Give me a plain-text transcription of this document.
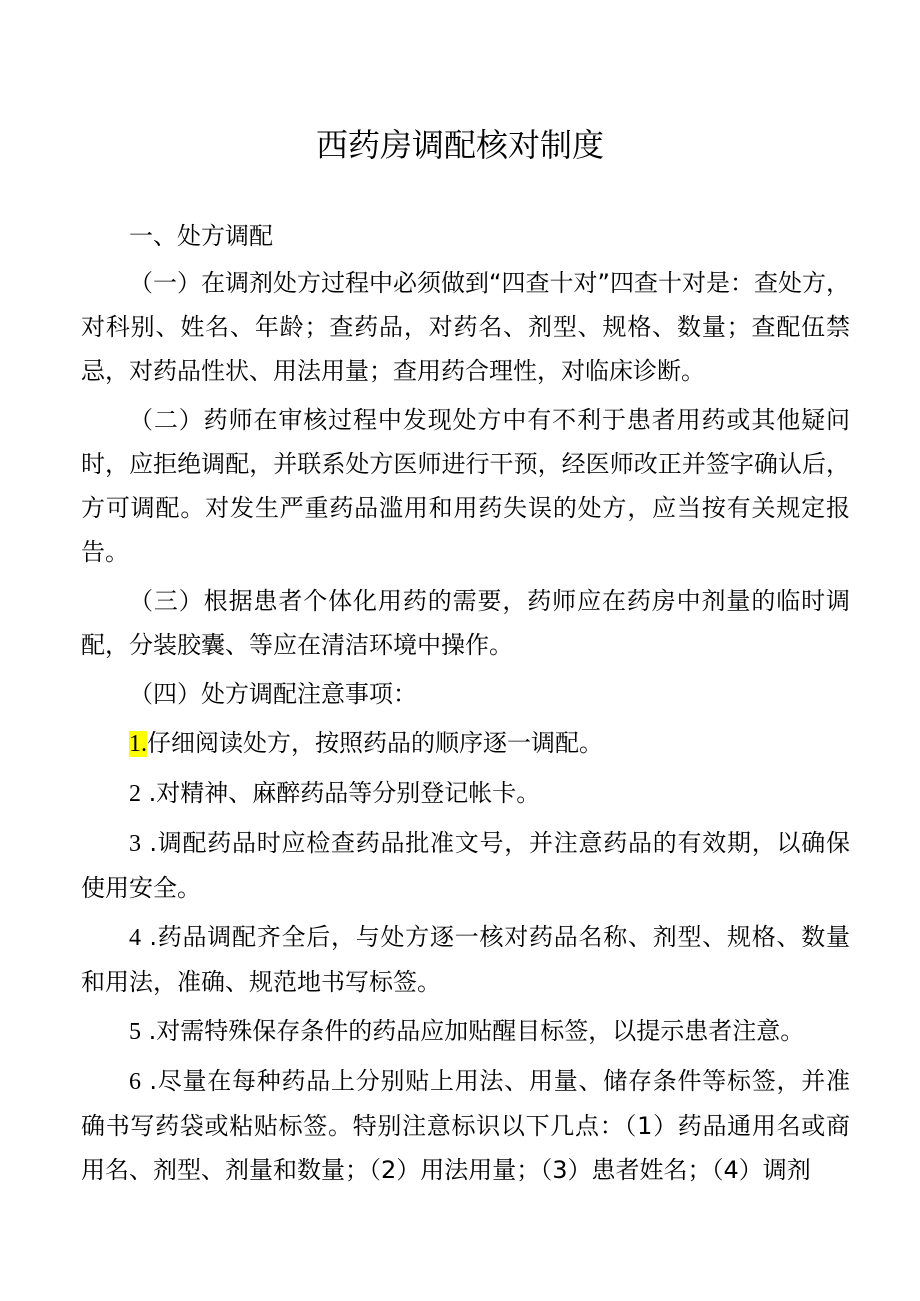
西药房调配核对制度

一、处方调配

（一）在调剂处方过程中必须做到“四查十对”四查十对是：查处方，对科别、姓名、年龄；查药品，对药名、剂型、规格、数量；查配伍禁忌，对药品性状、用法用量；查用药合理性，对临床诊断。

（二）药师在审核过程中发现处方中有不利于患者用药或其他疑问时，应拒绝调配，并联系处方医师进行干预，经医师改正并签字确认后，方可调配。对发生严重药品滥用和用药失误的处方，应当按有关规定报告。

（三）根据患者个体化用药的需要，药师应在药房中剂量的临时调配，分装胶囊、等应在清洁环境中操作。

（四）处方调配注意事项：

1.仔细阅读处方，按照药品的顺序逐一调配。

2 .对精神、麻醉药品等分别登记帐卡。

3 .调配药品时应检查药品批准文号，并注意药品的有效期，以确保使用安全。

4 .药品调配齐全后，与处方逐一核对药品名称、剂型、规格、数量和用法，准确、规范地书写标签。

5 .对需特殊保存条件的药品应加贴醒目标签，以提示患者注意。

6 .尽量在每种药品上分别贴上用法、用量、储存条件等标签，并准确书写药袋或粘贴标签。特别注意标识以下几点：（1）药品通用名或商用名、剂型、剂量和数量；（2）用法用量；（3）患者姓名；（4）调剂
